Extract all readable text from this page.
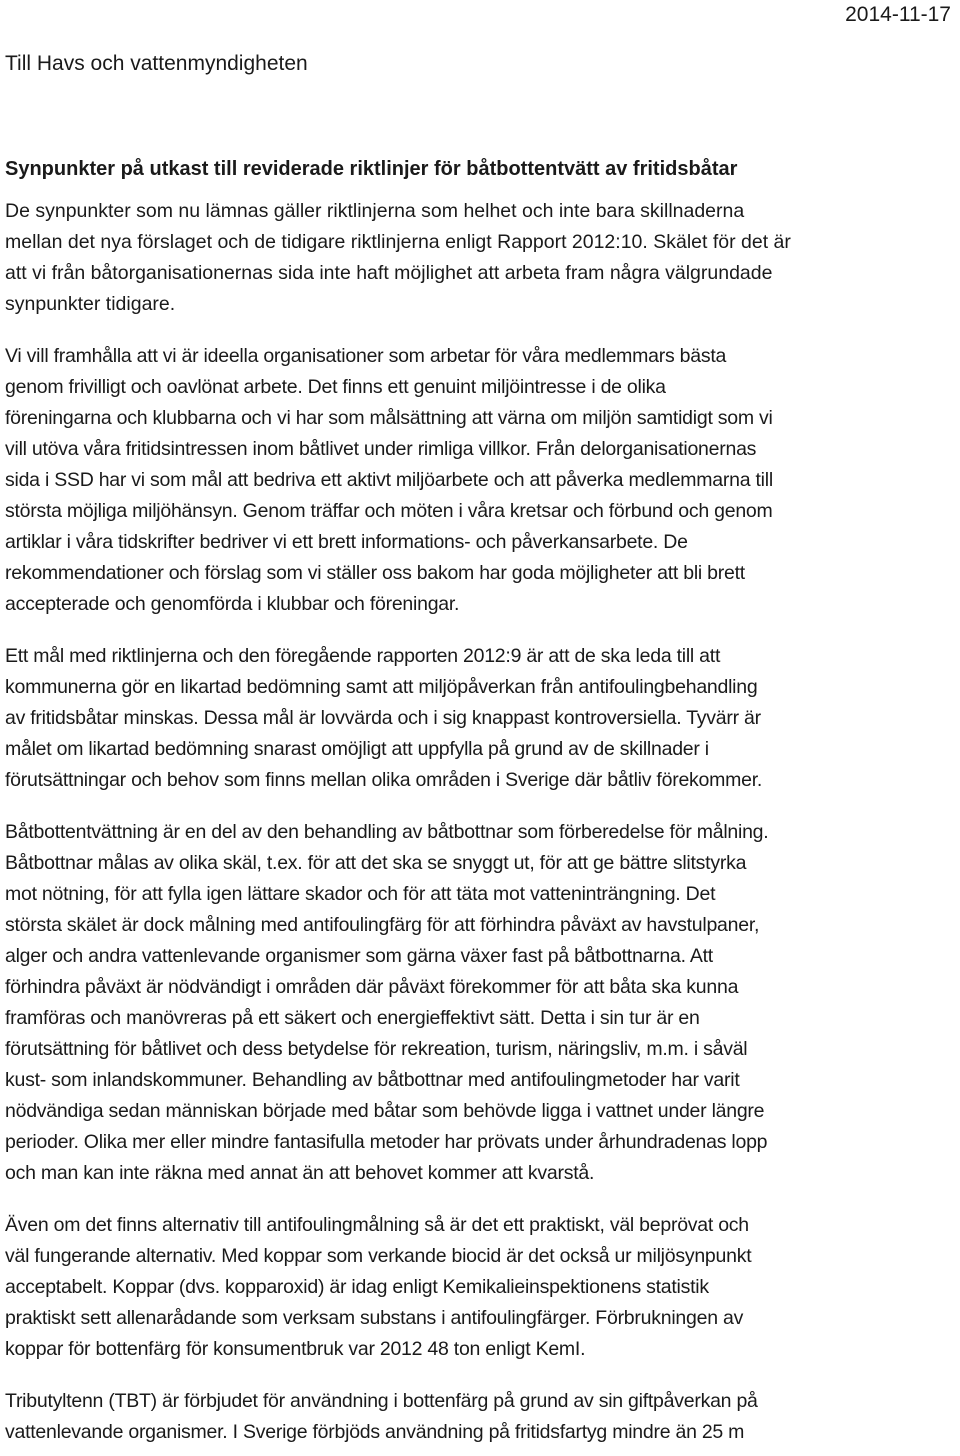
2014-11-17
Till Havs och vattenmyndigheten
Synpunkter på utkast till reviderade riktlinjer för båtbottentvätt av fritidsbåtar
De synpunkter som nu lämnas gäller riktlinjerna som helhet och inte bara skillnaderna
mellan det nya förslaget och de tidigare riktlinjerna enligt Rapport 2012:10. Skälet för det är
att vi från båtorganisationernas sida inte haft möjlighet att arbeta fram några välgrundade
synpunkter tidigare.
Vi vill framhålla att vi är ideella organisationer som arbetar för våra medlemmars bästa
genom frivilligt och oavlönat arbete. Det finns ett genuint miljöintresse i de olika
föreningarna och klubbarna och vi har som målsättning att värna om miljön samtidigt som vi
vill utöva våra fritidsintressen inom båtlivet under rimliga villkor. Från delorganisationernas
sida i SSD har vi som mål att bedriva ett aktivt miljöarbete och att påverka medlemmarna till
största möjliga miljöhänsyn. Genom träffar och möten i våra kretsar och förbund och genom
artiklar i våra tidskrifter bedriver vi ett brett informations- och påverkansarbete. De
rekommendationer och förslag som vi ställer oss bakom har goda möjligheter att bli brett
accepterade och genomförda i klubbar och föreningar.
Ett mål med riktlinjerna och den föregående rapporten 2012:9 är att de ska leda till att
kommunerna gör en likartad bedömning samt att miljöpåverkan från antifoulingbehandling
av fritidsbåtar minskas. Dessa mål är lovvärda och i sig knappast kontroversiella. Tyvärr är
målet om likartad bedömning snarast omöjligt att uppfylla på grund av de skillnader i
förutsättningar och behov som finns mellan olika områden i Sverige där båtliv förekommer.
Båtbottentvättning är en del av den behandling av båtbottnar som förberedelse för målning.
Båtbottnar målas av olika skäl, t.ex. för att det ska se snyggt ut, för att ge bättre slitstyrka
mot nötning, för att fylla igen lättare skador och för att täta mot vatteninträngning. Det
största skälet är dock målning med antifoulingfärg för att förhindra påväxt av havstulpaner,
alger och andra vattenlevande organismer som gärna växer fast på båtbottnarna. Att
förhindra påväxt är nödvändigt i områden där påväxt förekommer för att båta ska kunna
framföras och manövreras på ett säkert och energieffektivt sätt. Detta i sin tur är en
förutsättning för båtlivet och dess betydelse för rekreation, turism, näringsliv, m.m. i såväl
kust- som inlandskommuner. Behandling av båtbottnar med antifoulingmetoder har varit
nödvändiga sedan människan började med båtar som behövde ligga i vattnet under längre
perioder. Olika mer eller mindre fantasifulla metoder har prövats under århundradenas lopp
och man kan inte räkna med annat än att behovet kommer att kvarstå.
Även om det finns alternativ till antifoulingmålning så är det ett praktiskt, väl beprövat och
väl fungerande alternativ. Med koppar som verkande biocid är det också ur miljösynpunkt
acceptabelt. Koppar (dvs. kopparoxid) är idag enligt Kemikalieinspektionens statistik
praktiskt sett allenarådande som verksam substans i antifoulingfärger. Förbrukningen av
koppar för bottenfärg för konsumentbruk var 2012 48 ton enligt KemI.
Tributyltenn (TBT) är förbjudet för användning i bottenfärg på grund av sin giftpåverkan på
vattenlevande organismer. I Sverige förbjöds användning på fritidsfartyg mindre än 25 m
